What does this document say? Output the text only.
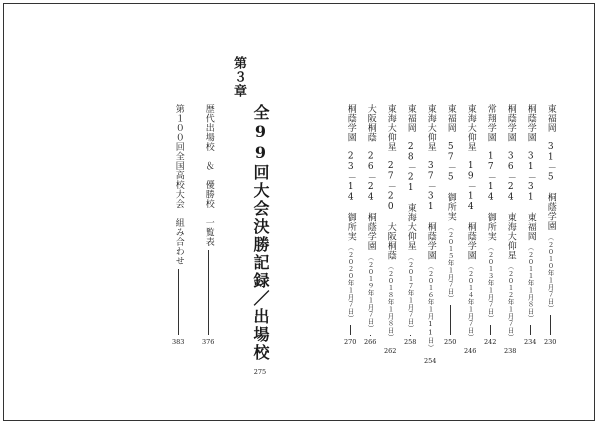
東福岡　31－5　桐蔭学園
（２０１０年１月７日）
230
桐蔭学園　31－31　東福岡
（２０１１年１月８日）
234
桐蔭学園　36－24　東海大仰星
（２０１２年１月７日）
238
常翔学園　17－14　御所実
（２０１３年１月７日）
242
東海大仰星　19－14　桐蔭学園
（２０１４年１月７日）
246
東福岡　57－5　御所実
（２０１５年１月７日）
250
東海大仰星　37－31　桐蔭学園
（２０１６年１月11日）
254
東福岡　28－21　東海大仰星
（２０１７年１月７日）
258
東海大仰星　27－20　大阪桐蔭
（２０１８年１月８日）
262
大阪桐蔭　26－24　桐蔭学園
（２０１９年１月７日）
266
桐蔭学園　23－14　御所実
（２０２０年１月７日）
270
第３章
全99回大会決勝記録／出場校
275
歴代出場校　＆　優勝校　一覧表
376
第１００回全国高校大会　組み合わせ
383
